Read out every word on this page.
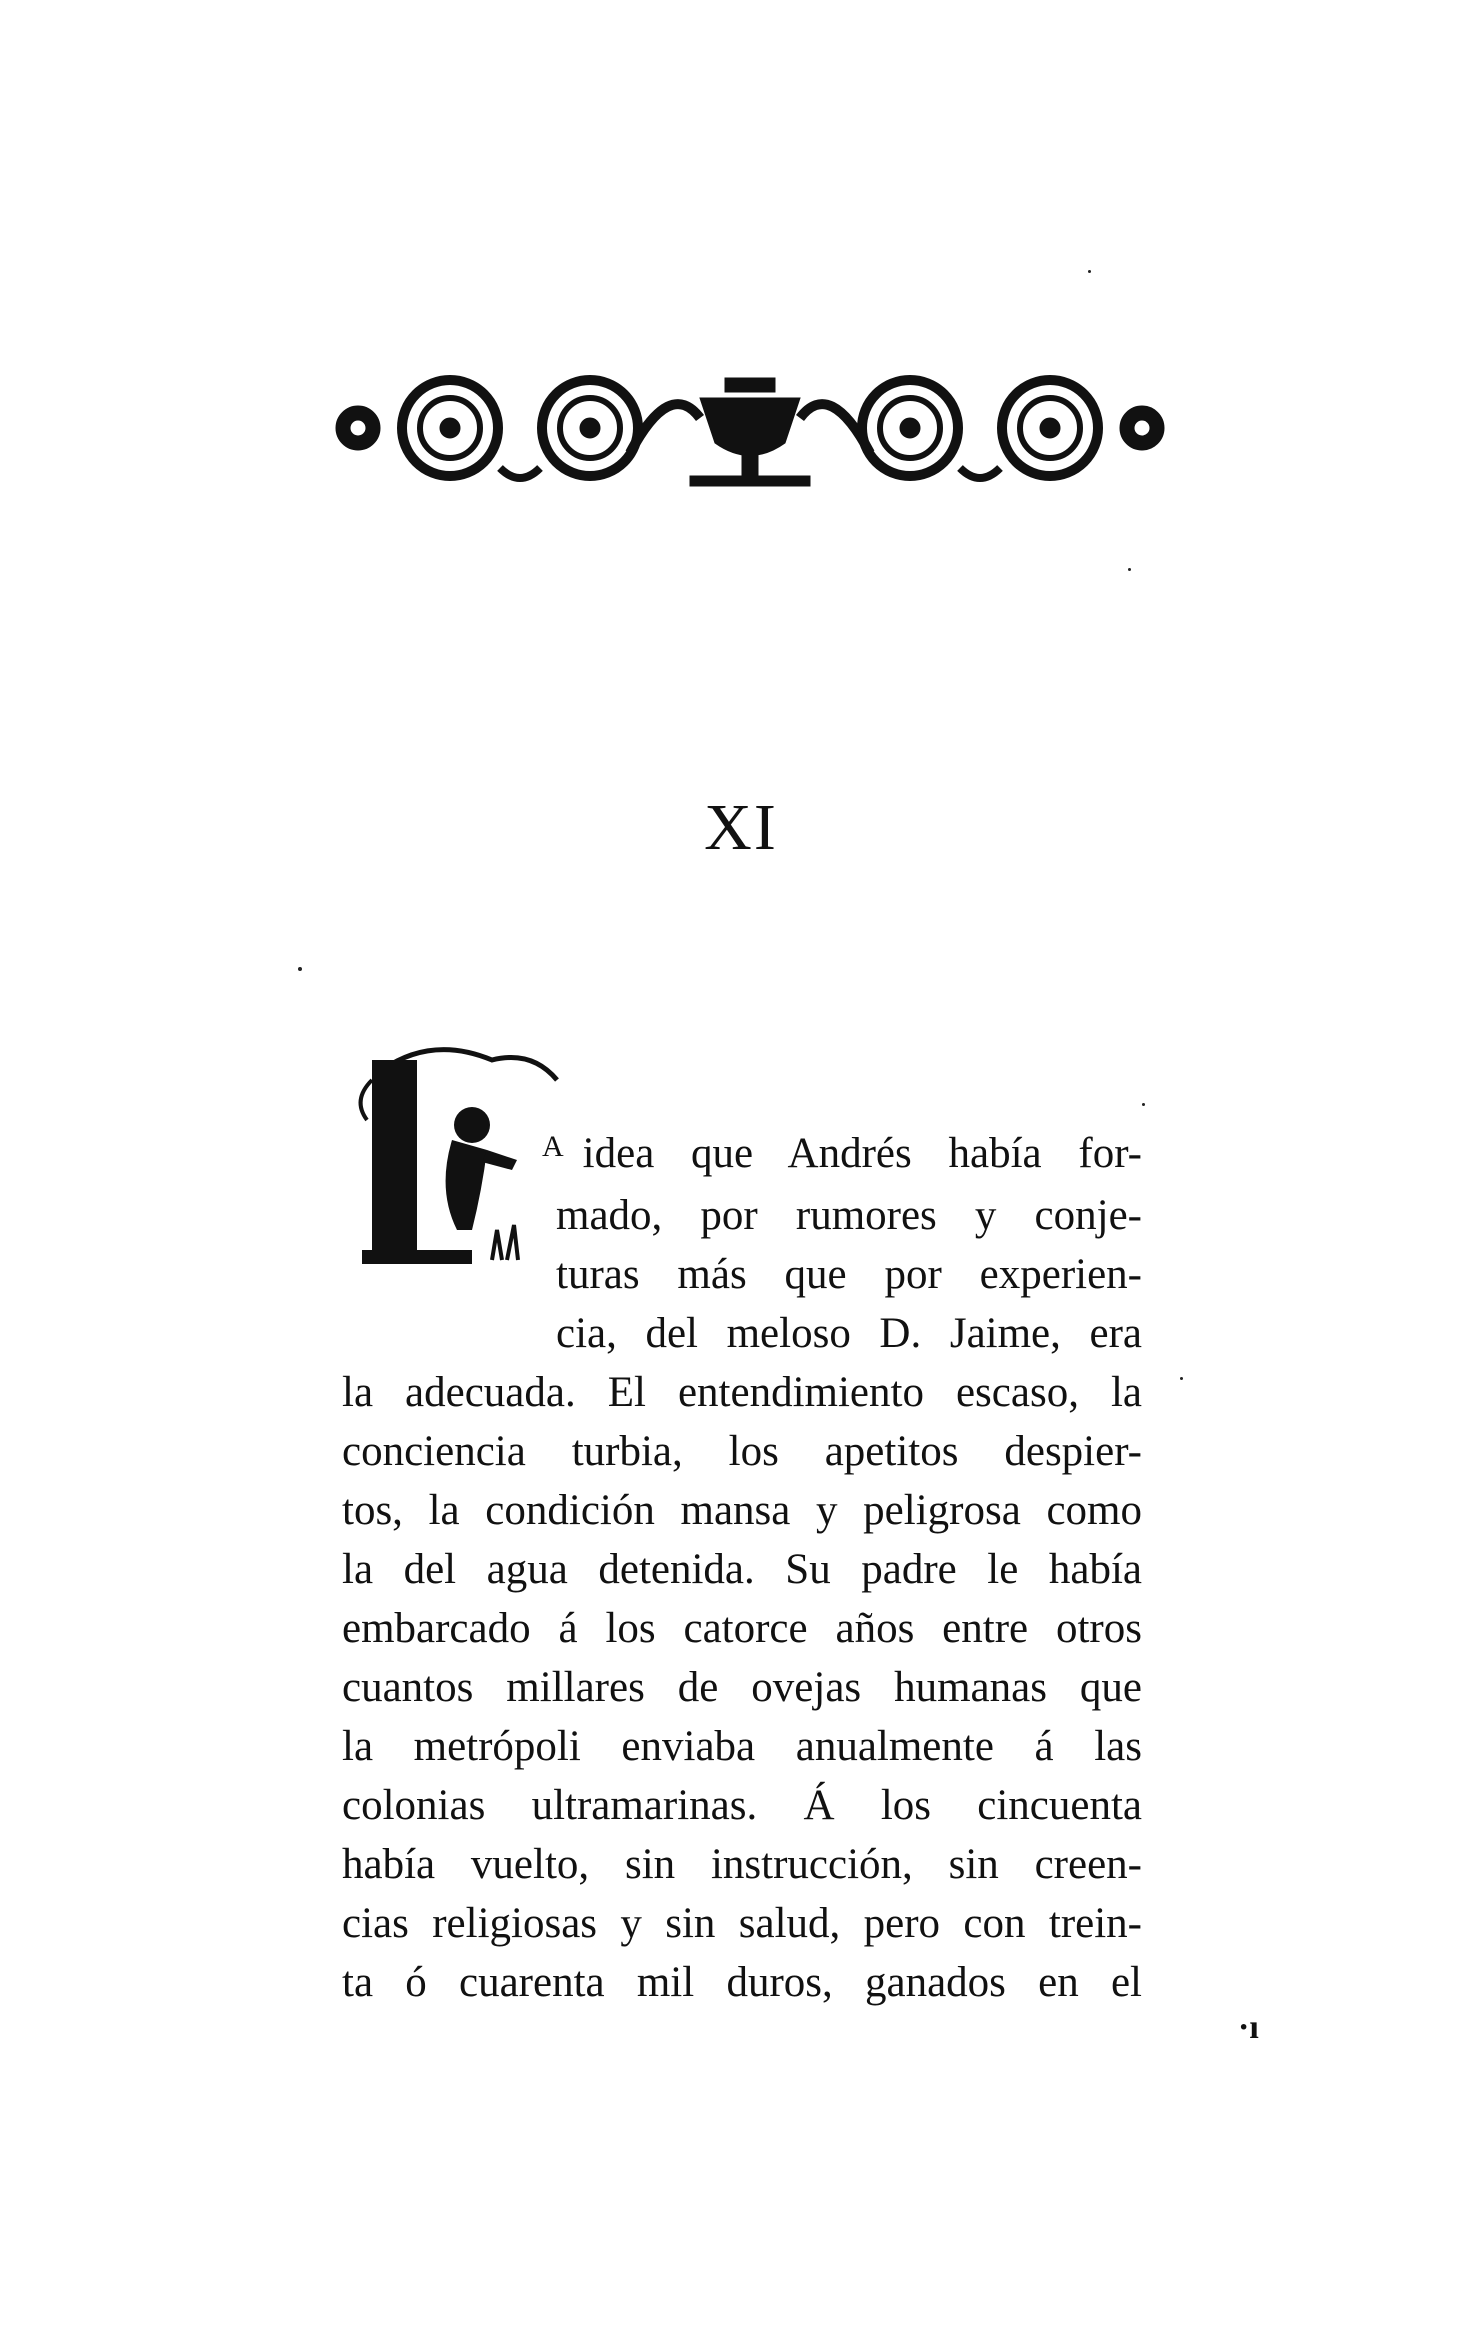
XI
A idea que Andrés había for-
mado, por rumores y conje-
turas más que por experien-
cia, del meloso D. Jaime, era
la adecuada. El entendimiento escaso, la
conciencia turbia, los apetitos despier-
tos, la condición mansa y peligrosa como
la del agua detenida. Su padre le había
embarcado á los catorce años entre otros
cuantos millares de ovejas humanas que
la metrópoli enviaba anualmente á las
colonias ultramarinas. Á los cincuenta
había vuelto, sin instrucción, sin creen-
cias religiosas y sin salud, pero con trein-
ta ó cuarenta mil duros, ganados en el
·ı
